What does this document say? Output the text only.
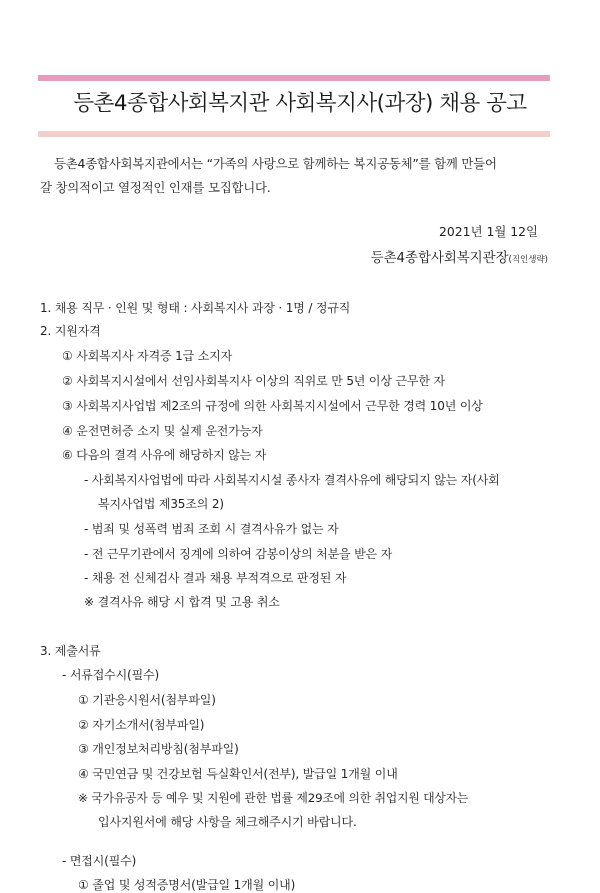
등촌4종합사회복지관 사회복지사(과장) 채용 공고
등촌4종합사회복지관에서는 “가족의 사랑으로 함께하는 복지공동체”를 함께 만들어
갈 창의적이고 열정적인 인재를 모집합니다.
2021년 1월 12일
등촌4종합사회복지관장(직인생략)
1. 채용 직무 · 인원 및 형태 : 사회복지사 과장 · 1명 / 정규직
2. 지원자격
① 사회복지사 자격증 1급 소지자
② 사회복지시설에서 선임사회복지사 이상의 직위로 만 5년 이상 근무한 자
③ 사회복지사업법 제2조의 규정에 의한 사회복지시설에서 근무한 경력 10년 이상
④ 운전면허증 소지 및 실제 운전가능자
⑥ 다음의 결격 사유에 해당하지 않는 자
- 사회복지사업법에 따라 사회복지시설 종사자 결격사유에 해당되지 않는 자(사회
복지사업법 제35조의 2)
- 범죄 및 성폭력 범죄 조회 시 결격사유가 없는 자
- 전 근무기관에서 징계에 의하여 감봉이상의 처분을 받은 자
- 채용 전 신체검사 결과 채용 부적격으로 판정된 자
※ 결격사유 해당 시 합격 및 고용 취소
3. 제출서류
- 서류접수시(필수)
① 기관응시원서(첨부파일)
② 자기소개서(첨부파일)
③ 개인정보처리방침(첨부파일)
④ 국민연금 및 건강보험 득실확인서(전부), 발급일 1개월 이내
※ 국가유공자 등 예우 및 지원에 관한 법률 제29조에 의한 취업지원 대상자는
입사지원서에 해당 사항을 체크해주시기 바랍니다.
- 면접시(필수)
① 졸업 및 성적증명서(발급일 1개월 이내)
